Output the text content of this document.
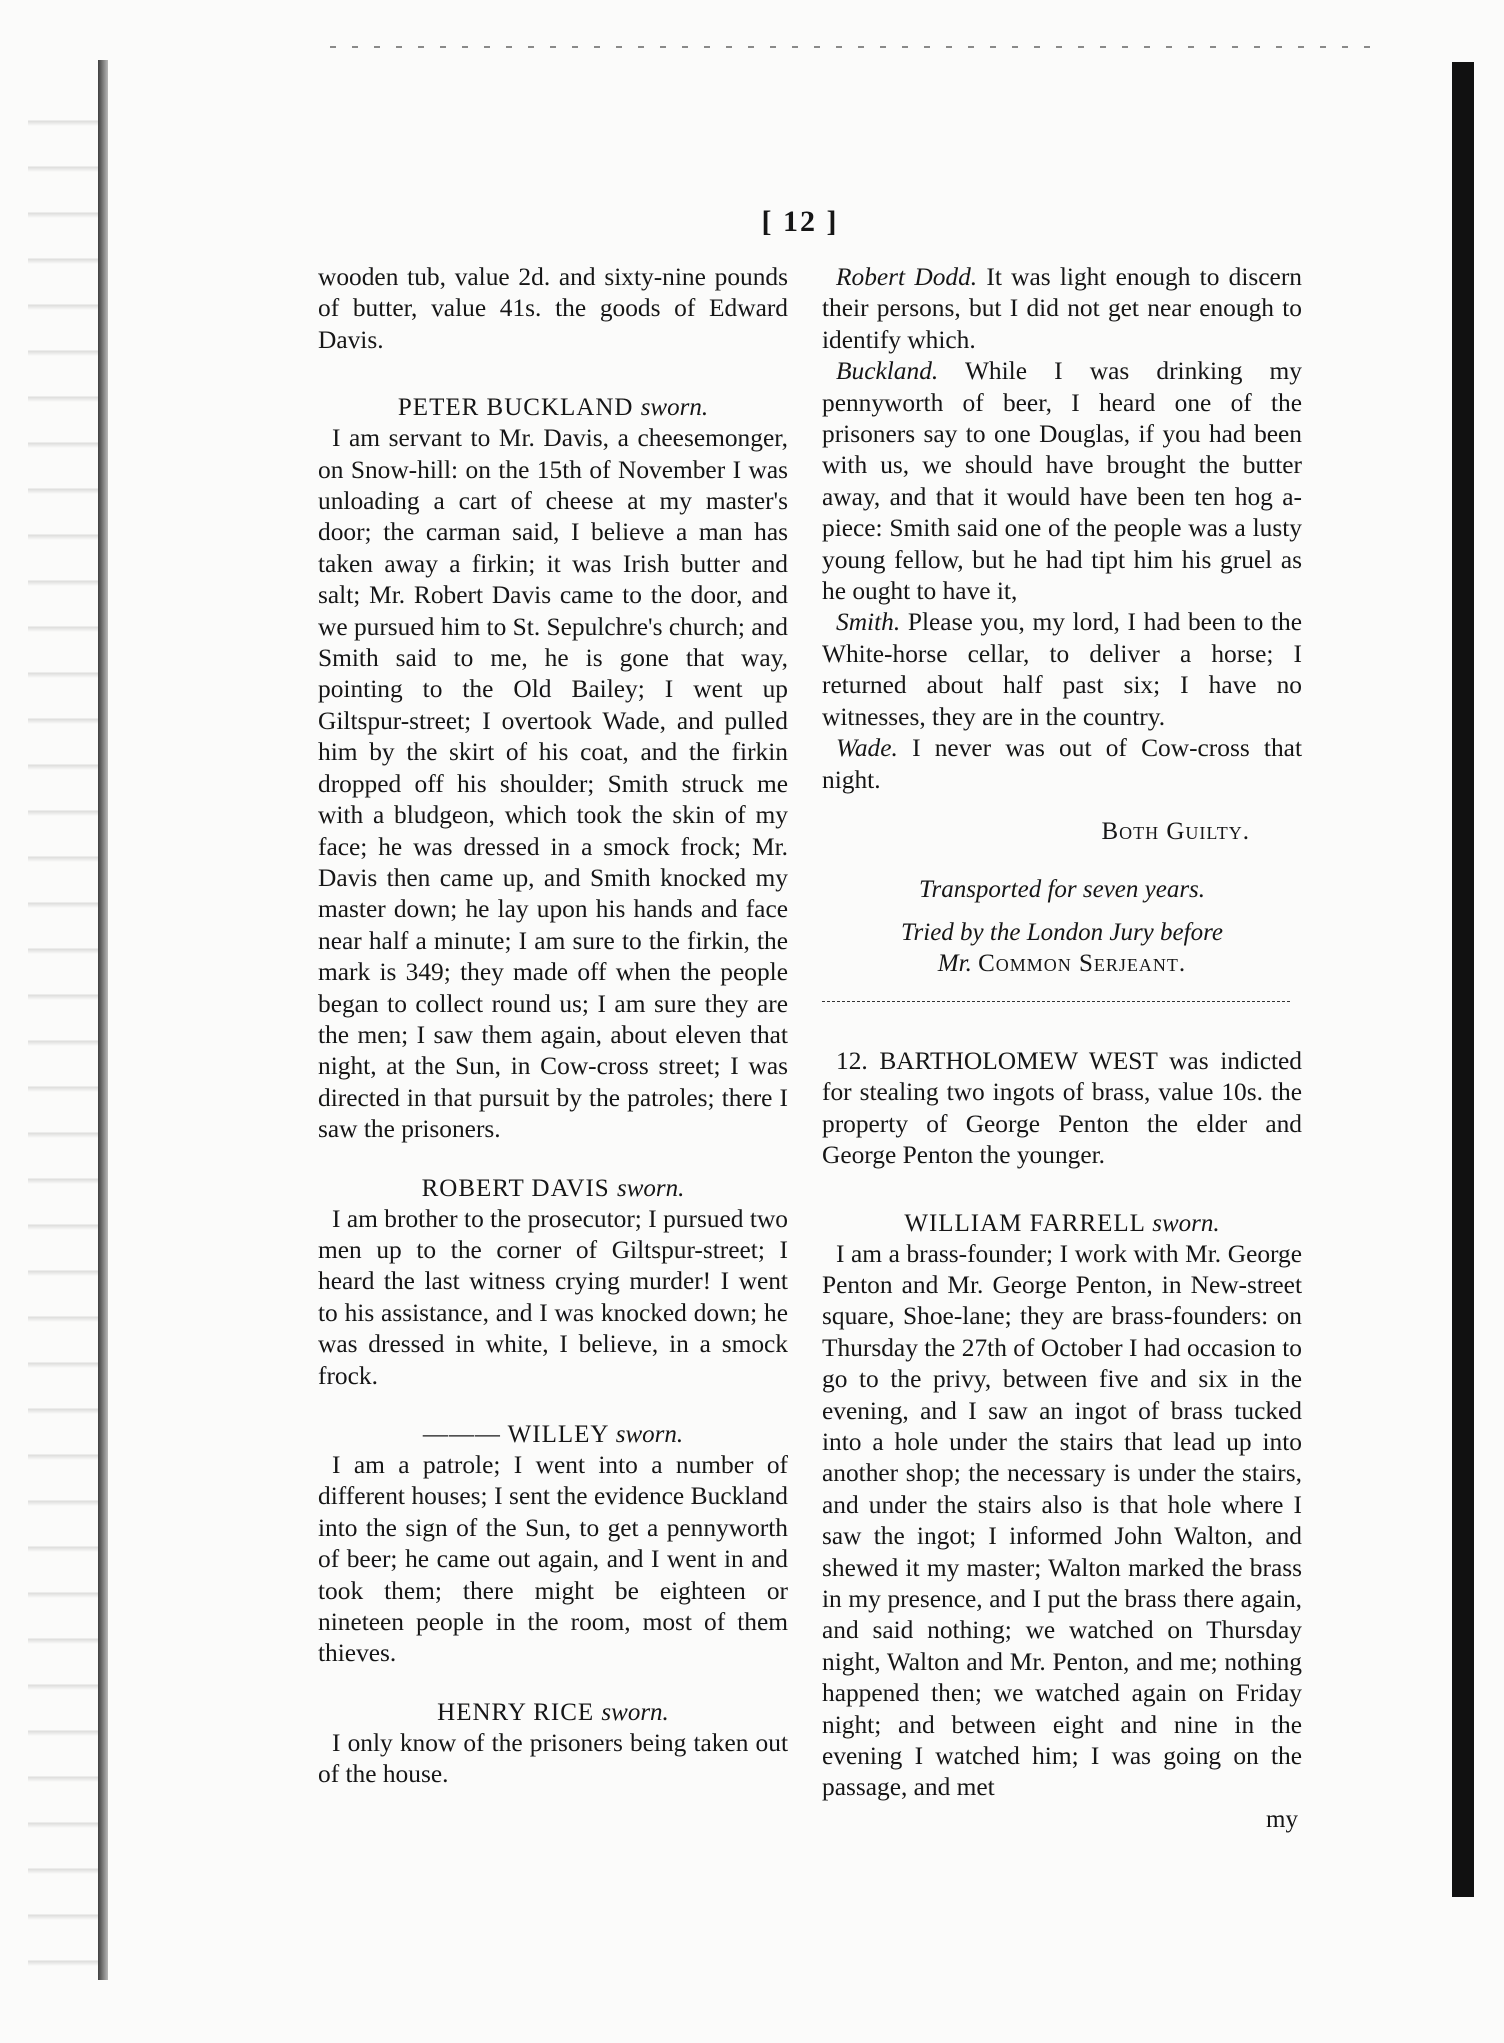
[ 12 ]

wooden tub, value 2d. and sixty-nine pounds of butter, value 41s. the goods of Edward Davis.

PETER BUCKLAND sworn.

I am servant to Mr. Davis, a cheesemonger, on Snow-hill: on the 15th of November I was unloading a cart of cheese at my master's door; the carman said, I believe a man has taken away a firkin; it was Irish butter and salt; Mr. Robert Davis came to the door, and we pursued him to St. Sepulchre's church; and Smith said to me, he is gone that way, pointing to the Old Bailey; I went up Giltspur-street; I overtook Wade, and pulled him by the skirt of his coat, and the firkin dropped off his shoulder; Smith struck me with a bludgeon, which took the skin of my face; he was dressed in a smock frock; Mr. Davis then came up, and Smith knocked my master down; he lay upon his hands and face near half a minute; I am sure to the firkin, the mark is 349; they made off when the people began to collect round us; I am sure they are the men; I saw them again, about eleven that night, at the Sun, in Cow-cross street; I was directed in that pursuit by the patroles; there I saw the prisoners.

ROBERT DAVIS sworn.

I am brother to the prosecutor; I pursued two men up to the corner of Giltspur-street; I heard the last witness crying murder! I went to his assistance, and I was knocked down; he was dressed in white, I believe, in a smock frock.

——— WILLEY sworn.

I am a patrole; I went into a number of different houses; I sent the evidence Buckland into the sign of the Sun, to get a pennyworth of beer; he came out again, and I went in and took them; there might be eighteen or nineteen people in the room, most of them thieves.

HENRY RICE sworn.

I only know of the prisoners being taken out of the house.

Robert Dodd. It was light enough to discern their persons, but I did not get near enough to identify which.

Buckland. While I was drinking my pennyworth of beer, I heard one of the prisoners say to one Douglas, if you had been with us, we should have brought the butter away, and that it would have been ten hog a-piece: Smith said one of the people was a lusty young fellow, but he had tipt him his gruel as he ought to have it,

Smith. Please you, my lord, I had been to the White-horse cellar, to deliver a horse; I returned about half past six; I have no witnesses, they are in the country.

Wade. I never was out of Cow-cross that night.

Both Guilty.
Transported for seven years.
Tried by the London Jury before
Mr. Common Serjeant.

12. BARTHOLOMEW WEST was indicted for stealing two ingots of brass, value 10s. the property of George Penton the elder and George Penton the younger.

WILLIAM FARRELL sworn.

I am a brass-founder; I work with Mr. George Penton and Mr. George Penton, in New-street square, Shoe-lane; they are brass-founders: on Thursday the 27th of October I had occasion to go to the privy, between five and six in the evening, and I saw an ingot of brass tucked into a hole under the stairs that lead up into another shop; the necessary is under the stairs, and under the stairs also is that hole where I saw the ingot; I informed John Walton, and shewed it my master; Walton marked the brass in my presence, and I put the brass there again, and said nothing; we watched on Thursday night, Walton and Mr. Penton, and me; nothing happened then; we watched again on Friday night; and between eight and nine in the evening I watched him; I was going on the passage, and met

my
